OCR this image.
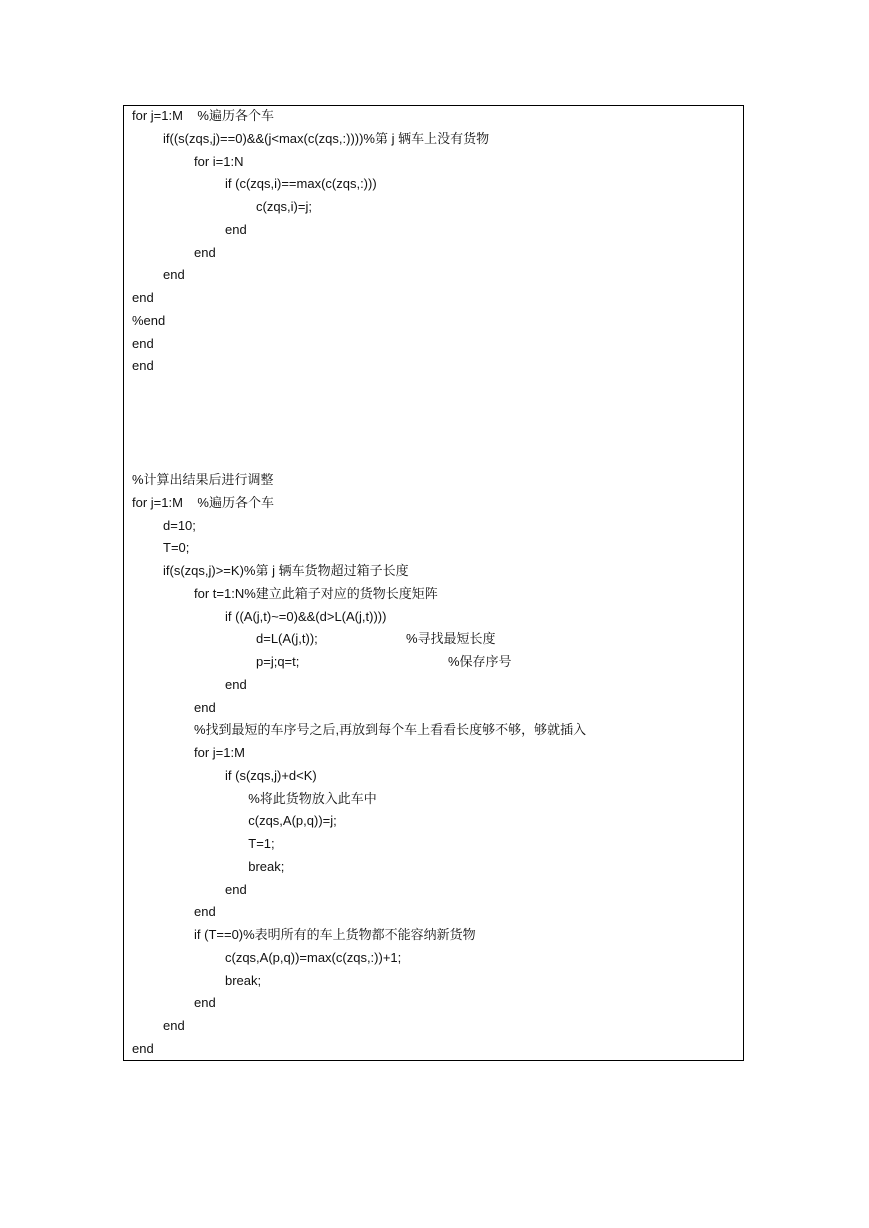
for j=1:M    %遍历各个车
if((s(zqs,j)==0)&&(j<max(c(zqs,:))))%第 j 辆车上没有货物
for i=1:N
if (c(zqs,i)==max(c(zqs,:)))
c(zqs,i)=j;
end
end
end
end
%end
end
end
%计算出结果后进行调整
for j=1:M    %遍历各个车
d=10;
T=0;
if(s(zqs,j)>=K)%第 j 辆车货物超过箱子长度
for t=1:N%建立此箱子对应的货物长度矩阵
if ((A(j,t)~=0)&&(d>L(A(j,t))))
d=L(A(j,t));	%寻找最短长度
p=j;q=t;	%保存序号
end
end
%找到最短的车序号之后,再放到每个车上看看长度够不够，够就插入
for j=1:M
if (s(zqs,j)+d<K)
%将此货物放入此车中
c(zqs,A(p,q))=j;
T=1;
break;
end
end
if (T==0)%表明所有的车上货物都不能容纳新货物
c(zqs,A(p,q))=max(c(zqs,:))+1;
break;
end
end
end
